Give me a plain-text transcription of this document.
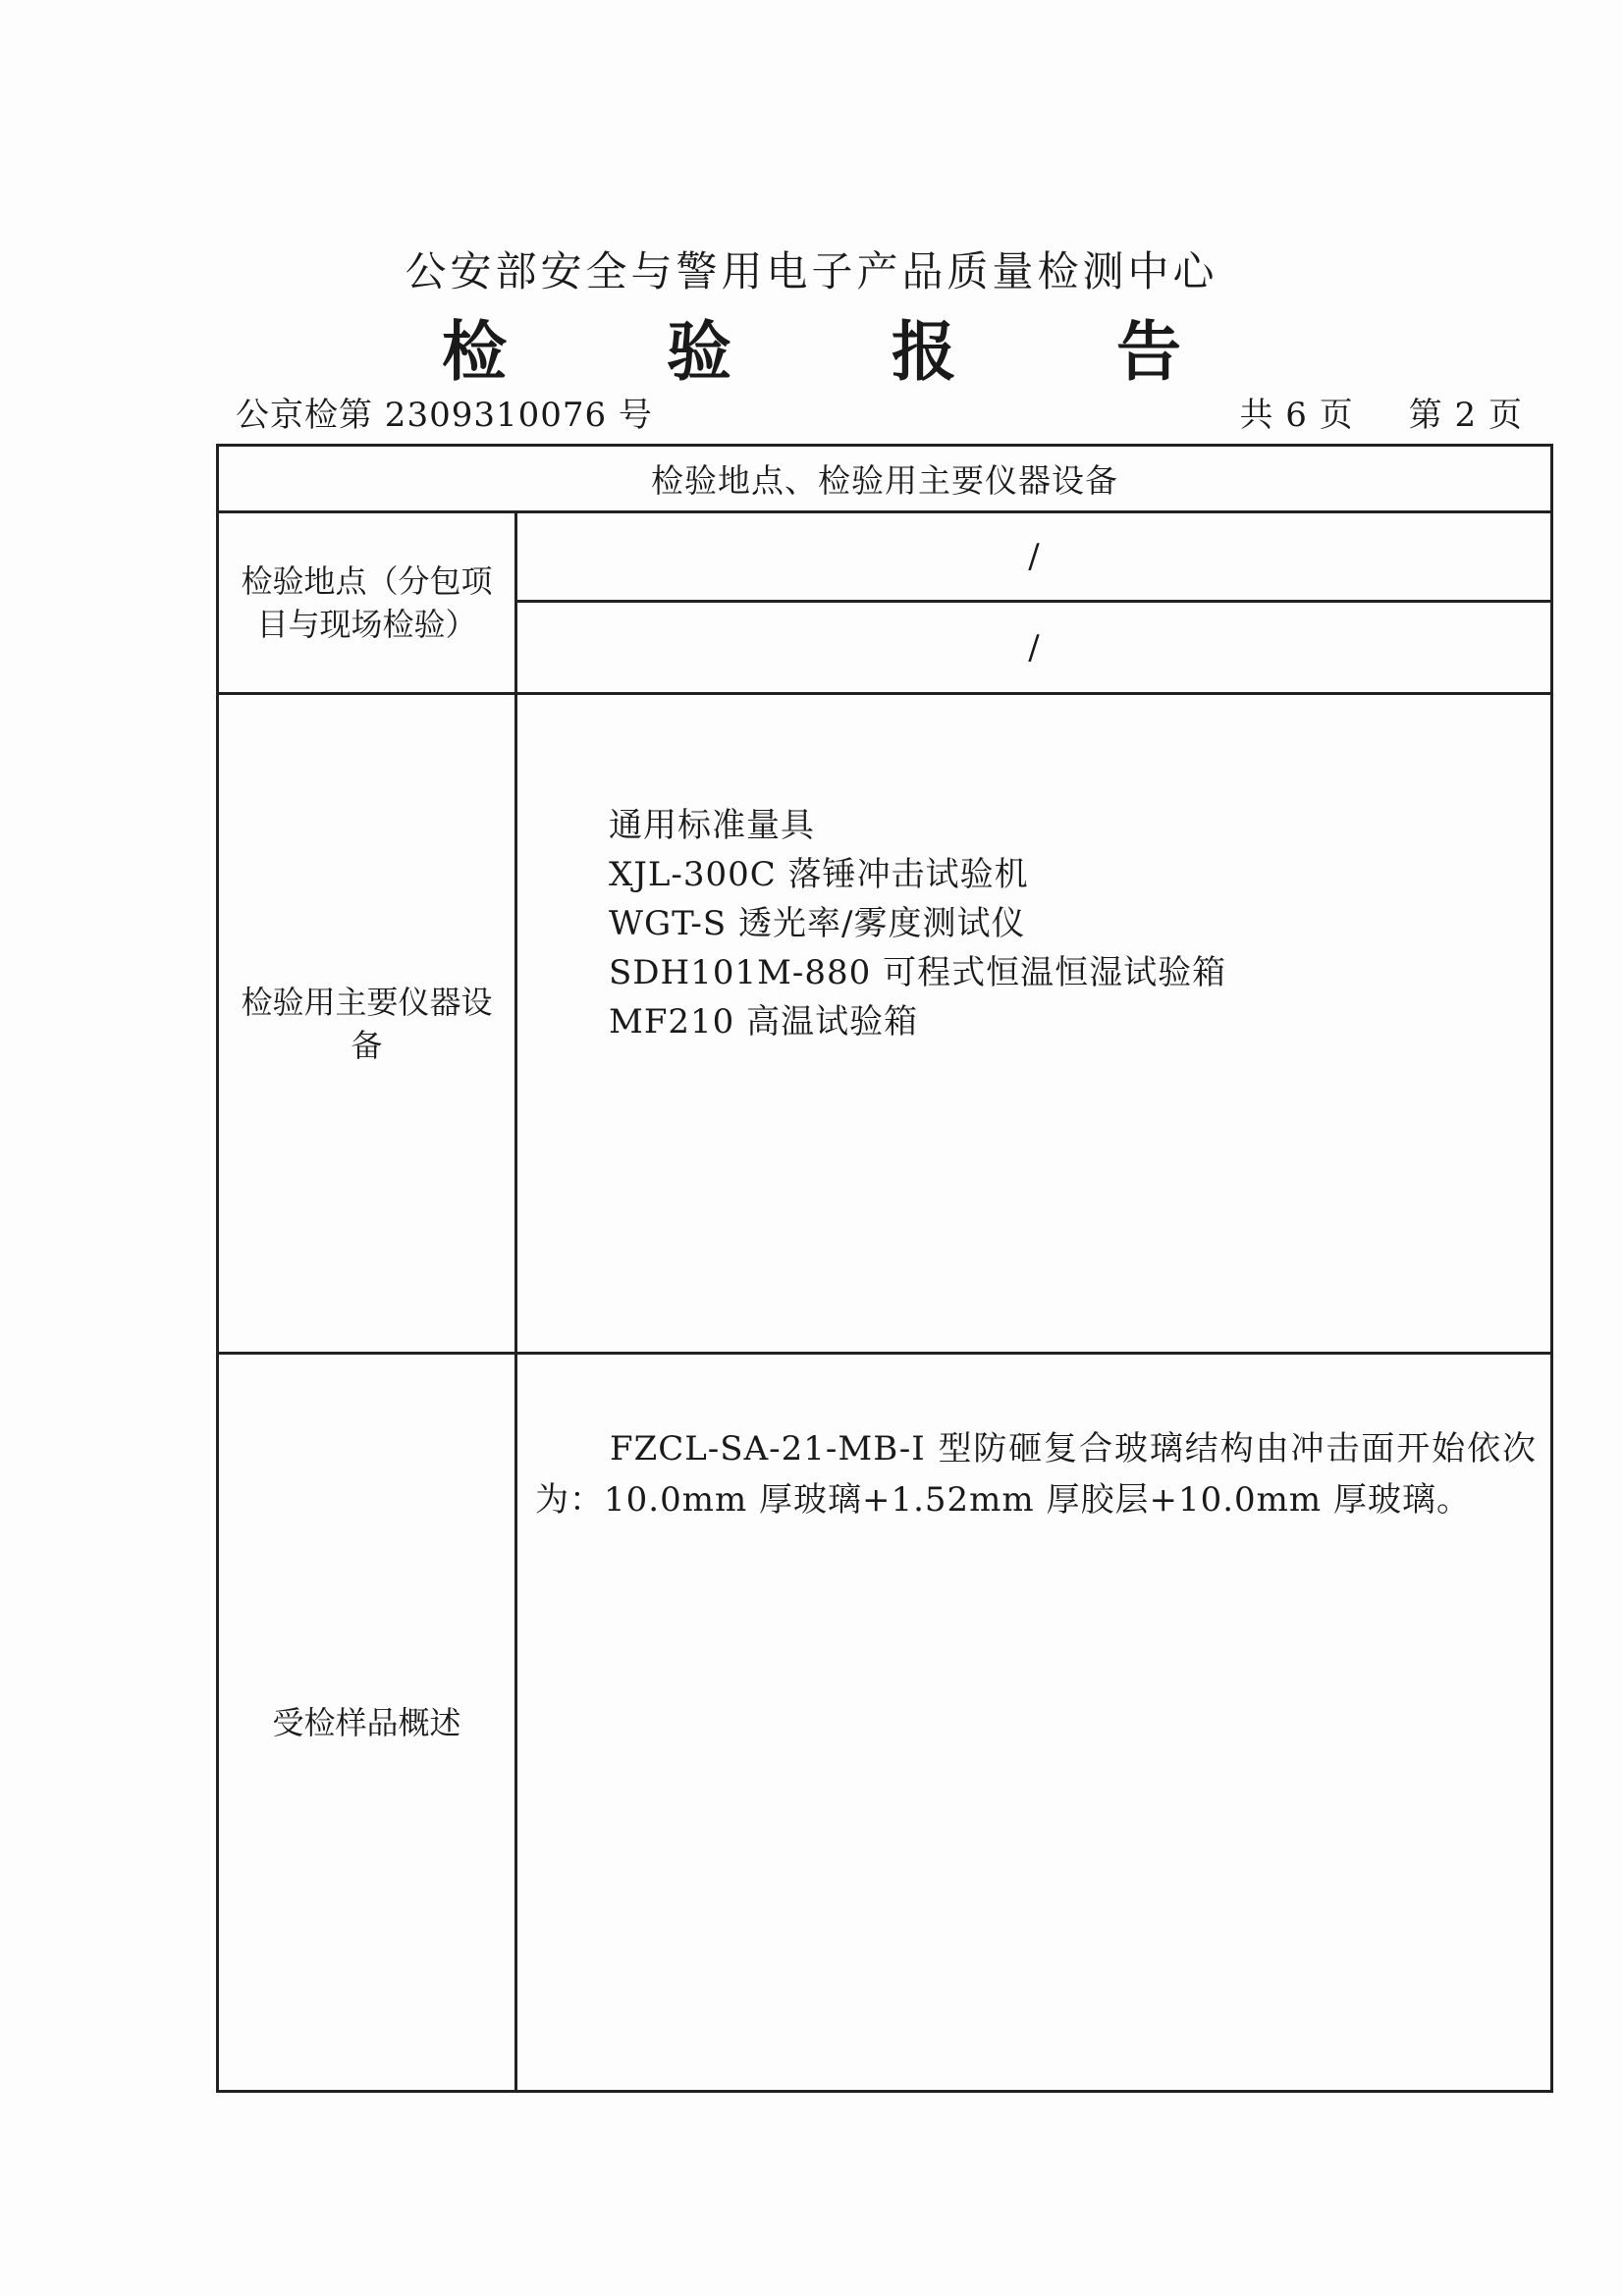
公安部安全与警用电子产品质量检测中心
检 验 报 告
公京检第 2309310076 号	共 6 页 第 2 页
检验地点、检验用主要仪器设备
检验地点（分包项目与现场检验）
/
/
检验用主要仪器设备
通用标准量具
XJL-300C 落锤冲击试验机
WGT-S 透光率/雾度测试仪
SDH101M-880 可程式恒温恒湿试验箱
MF210 高温试验箱
受检样品概述

FZCL-SA-21-MB-I 型防砸复合玻璃结构由冲击面开始依次为：10.0mm 厚玻璃+1.52mm 厚胶层+10.0mm 厚玻璃。
